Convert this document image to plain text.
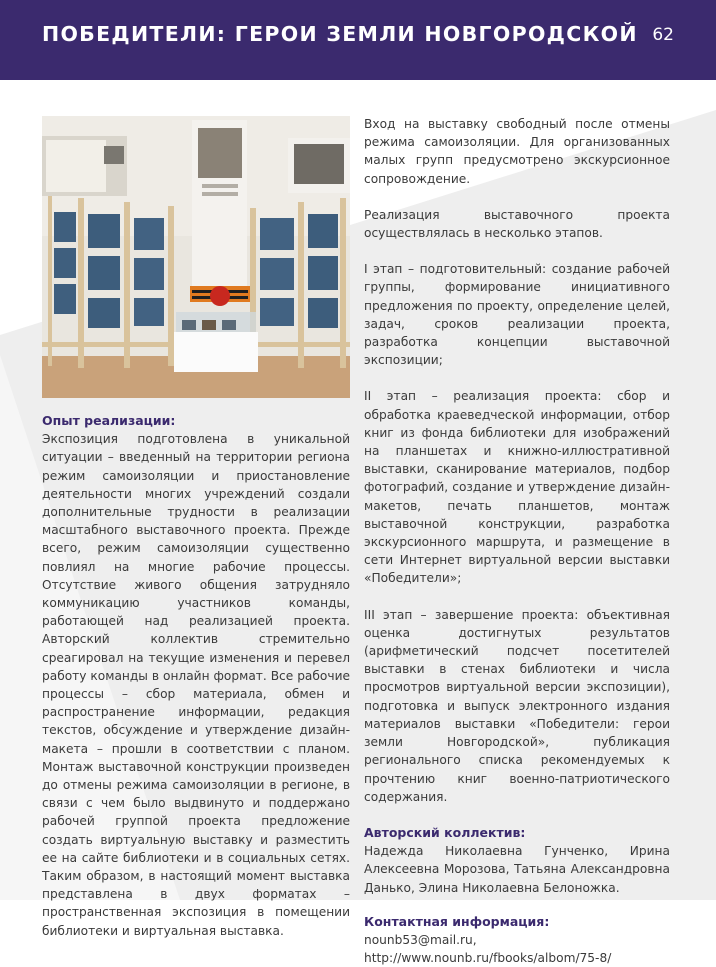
ПОБЕДИТЕЛИ: ГЕРОИ ЗЕМЛИ НОВГОРОДСКОЙ 62
Опыт реализации:

Экспозиция подготовлена в уникальной ситуации – введенный на территории региона режим самоизоляции и приостановление деятельности многих учреждений создали дополнительные трудности в реализации масштабного выставочного проекта. Прежде всего, режим самоизоляции существенно повлиял на многие рабочие процессы. Отсутствие живого общения затрудняло коммуникацию участников команды, работающей над реализацией проекта. Авторский коллектив стремительно среагировал на текущие изменения и перевел работу команды в онлайн формат. Все рабочие процессы – сбор материала, обмен и распространение информации, редакция текстов, обсуждение и утверждение дизайн-макета – прошли в соответствии с планом. Монтаж выставочной конструкции произведен до отмены режима самоизоляции в регионе, в связи с чем было выдвинуто и поддержано рабочей группой проекта предложение создать виртуальную выставку и разместить ее на сайте библиотеки и в социальных сетях. Таким образом, в настоящий момент выставка представлена в двух форматах – пространственная экспозиция в помещении библиотеки и виртуальная выставка.

Вход на выставку свободный после отмены режима самоизоляции. Для организованных малых групп предусмотрено экскурсионное сопровождение.

Реализация выставочного проекта осуществлялась в несколько этапов.

I этап – подготовительный: создание рабочей группы, формирование инициативного предложения по проекту, определение целей, задач, сроков реализации проекта, разработка концепции выставочной экспозиции;

II этап – реализация проекта: сбор и обработка краеведческой информации, отбор книг из фонда библиотеки для изображений на планшетах и книжно-иллюстративной выставки, сканирование материалов, подбор фотографий, создание и утверждение дизайн-макетов, печать планшетов, монтаж выставочной конструкции, разработка экскурсионного маршрута, и размещение в сети Интернет виртуальной версии выставки «Победители»;

III этап – завершение проекта: объективная оценка достигнутых результатов (арифметический подсчет посетителей выставки в стенах библиотеки и числа просмотров виртуальной версии экспозиции), подготовка и выпуск электронного издания материалов выставки «Победители: герои земли Новгородской», публикация регионального списка рекомендуемых к прочтению книг военно-патриотического содержания.

Авторский коллектив:

Надежда Николаевна Гунченко, Ирина Алексеевна Морозова, Татьяна Александровна Данько, Элина Николаевна Белоножка.

Контактная информация:

nounb53@mail.ru, http://www.nounb.ru/fbooks/albom/75-8/
